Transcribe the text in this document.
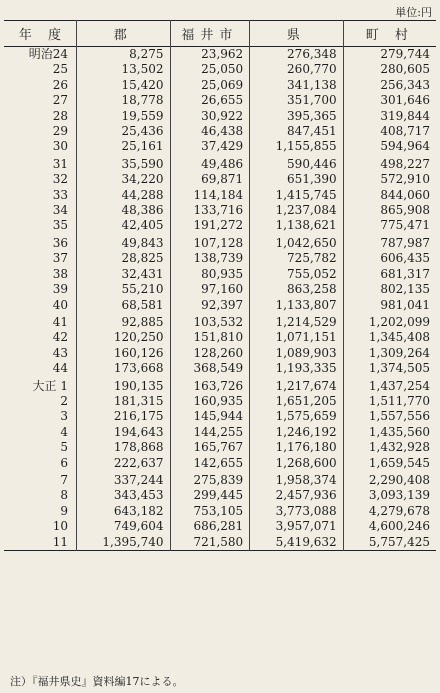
単位:円
年 度	郡	福井市	県	町 村
明治24	8,275	23,962	276,348	279,744
25	13,502	25,050	260,770	280,605
26	15,420	25,069	341,138	256,343
27	18,778	26,655	351,700	301,646
28	19,559	30,922	395,365	319,844
29	25,436	46,438	847,451	408,717
30	25,161	37,429	1,155,855	594,964
31	35,590	49,486	590,446	498,227
32	34,220	69,871	651,390	572,910
33	44,288	114,184	1,415,745	844,060
34	48,386	133,716	1,237,084	865,908
35	42,405	191,272	1,138,621	775,471
36	49,843	107,128	1,042,650	787,987
37	28,825	138,739	725,782	606,435
38	32,431	80,935	755,052	681,317
39	55,210	97,160	863,258	802,135
40	68,581	92,397	1,133,807	981,041
41	92,885	103,532	1,214,529	1,202,099
42	120,250	151,810	1,071,151	1,345,408
43	160,126	128,260	1,089,903	1,309,264
44	173,668	368,549	1,193,335	1,374,505
大正 1	190,135	163,726	1,217,674	1,437,254
2	181,315	160,935	1,651,205	1,511,770
3	216,175	145,944	1,575,659	1,557,556
4	194,643	144,255	1,246,192	1,435,560
5	178,868	165,767	1,176,180	1,432,928
6	222,637	142,655	1,268,600	1,659,545
7	337,244	275,839	1,958,374	2,290,408
8	343,453	299,445	2,457,936	3,093,139
9	643,182	753,105	3,773,088	4,279,678
10	749,604	686,281	3,957,071	4,600,246
11	1,395,740	721,580	5,419,632	5,757,425
注）『福井県史』資料編17による。
